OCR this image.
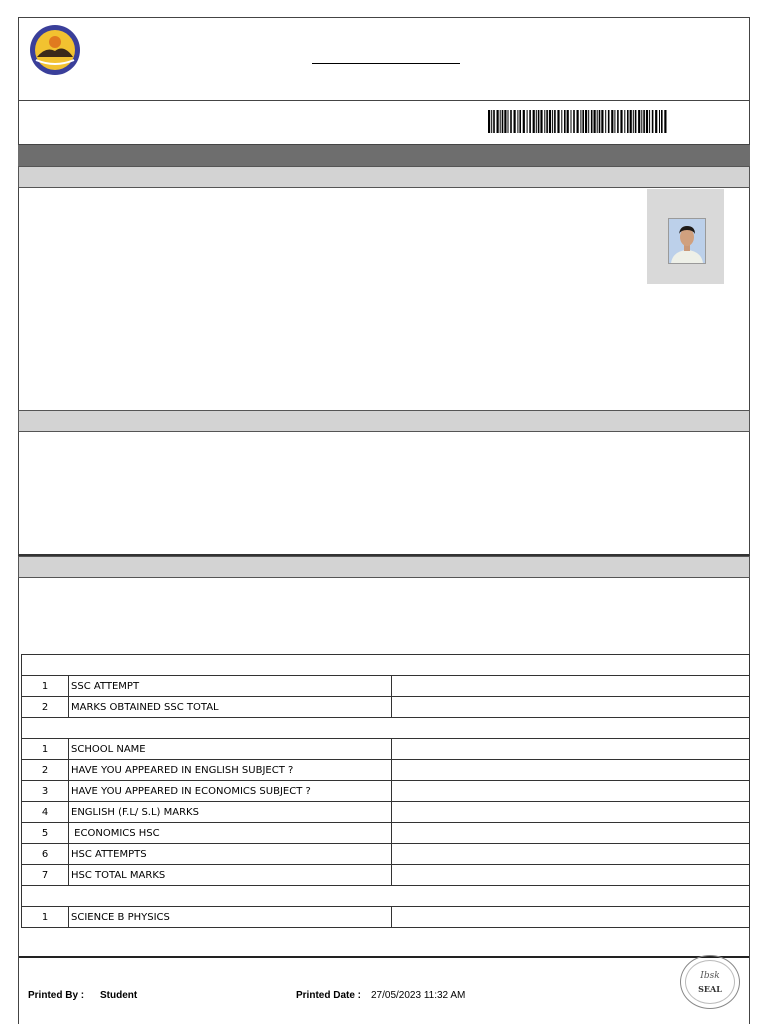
1	SSC ATTEMPT	
2	MARKS OBTAINED SSC TOTAL	

1	SCHOOL NAME	
2	HAVE YOU APPEARED IN ENGLISH SUBJECT ?	
3	HAVE YOU APPEARED IN ECONOMICS SUBJECT ?	
4	ENGLISH (F.L/ S.L) MARKS	
5	ECONOMICS HSC	
6	HSC ATTEMPTS	
7	HSC TOTAL MARKS	

1	SCIENCE B PHYSICS	
Printed By : Student	Printed Date : 27/05/2023 11:32 AM
Ibsk
SEAL
